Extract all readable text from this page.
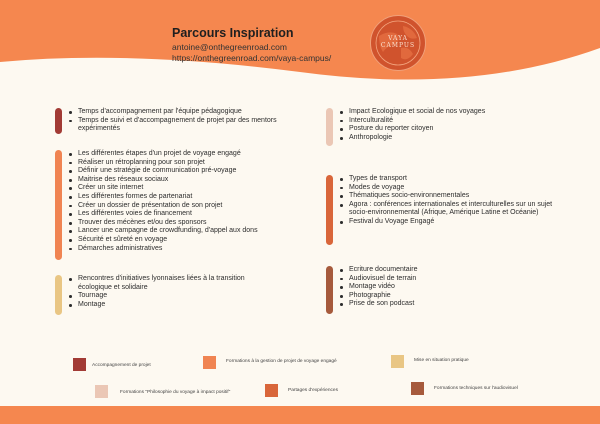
Parcours Inspiration
antoine@onthegreenroad.com
https://onthegreenroad.com/vaya-campus/
VAYA
CAMPUS
Temps d'accompagnement par l'équipe pédagogique
Temps de suivi et d'accompagnement de projet par des mentors expérimentés
Les différentes étapes d'un projet de voyage engagé
Réaliser un rétroplanning pour son projet
Définir une stratégie de communication pré-voyage
Maitrise des réseaux sociaux
Créer un site internet
Les différentes formes de partenariat
Créer un dossier de présentation de son projet
Les différentes voies de financement
Trouver des mécènes et/ou des sponsors
Lancer une campagne de crowdfunding, d'appel aux dons
Sécurité et sûreté en voyage
Démarches administratives
Rencontres d'initiatives lyonnaises liées à la transition écologique et solidaire
Tournage
Montage
Impact Ecologique et social de nos voyages
Interculturalité
Posture du reporter citoyen
Anthropologie
Types de transport
Modes de voyage
Thématiques socio-environnementales
Agora : conférences internationales et interculturelles sur un sujet socio-environnemental (Afrique, Amérique Latine et Océanie)
Festival du Voyage Engagé
Ecriture documentaire
Audiovisuel de terrain
Montage vidéo
Photographie
Prise de son podcast
Accompagnement de projet
Formations à la gestion de projet de voyage engagé	Mise en situation pratique
Formations "Philosophie du voyage à impact positif"	Partages d'expériences	Formations techniques sur l'audiovisuel
